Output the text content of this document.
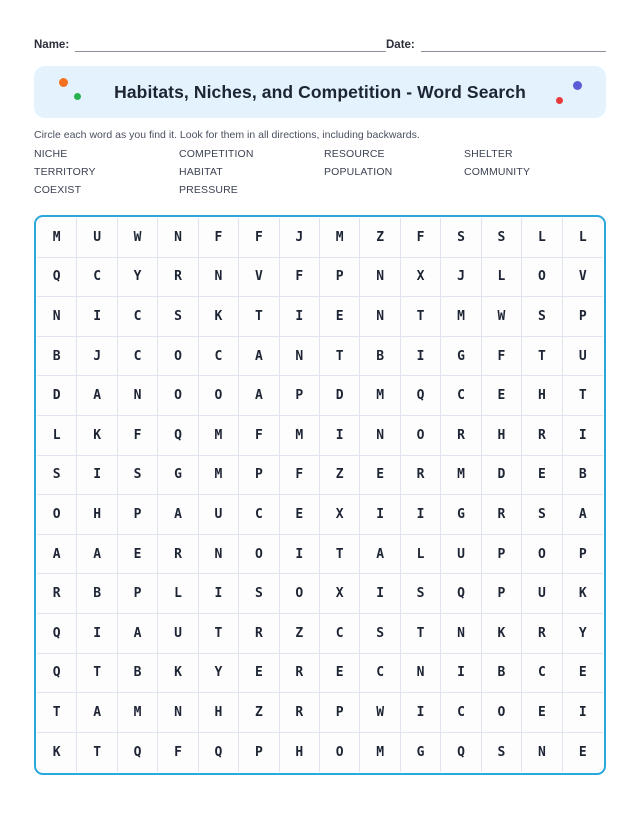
Name:	Date:
Habitats, Niches, and Competition - Word Search
Circle each word as you find it. Look for them in all directions, including backwards.
NICHE	COMPETITION	RESOURCE	SHELTER
TERRITORY	HABITAT	POPULATION	COMMUNITY
COEXIST	PRESSURE
M	U	W	N	F	F	J	M	Z	F	S	S	L	L
Q	C	Y	R	N	V	F	P	N	X	J	L	O	V
N	I	C	S	K	T	I	E	N	T	M	W	S	P
B	J	C	O	C	A	N	T	B	I	G	F	T	U
D	A	N	O	O	A	P	D	M	Q	C	E	H	T
L	K	F	Q	M	F	M	I	N	O	R	H	R	I
S	I	S	G	M	P	F	Z	E	R	M	D	E	B
O	H	P	A	U	C	E	X	I	I	G	R	S	A
A	A	E	R	N	O	I	T	A	L	U	P	O	P
R	B	P	L	I	S	O	X	I	S	Q	P	U	K
Q	I	A	U	T	R	Z	C	S	T	N	K	R	Y
Q	T	B	K	Y	E	R	E	C	N	I	B	C	E
T	A	M	N	H	Z	R	P	W	I	C	O	E	I
K	T	Q	F	Q	P	H	O	M	G	Q	S	N	E
